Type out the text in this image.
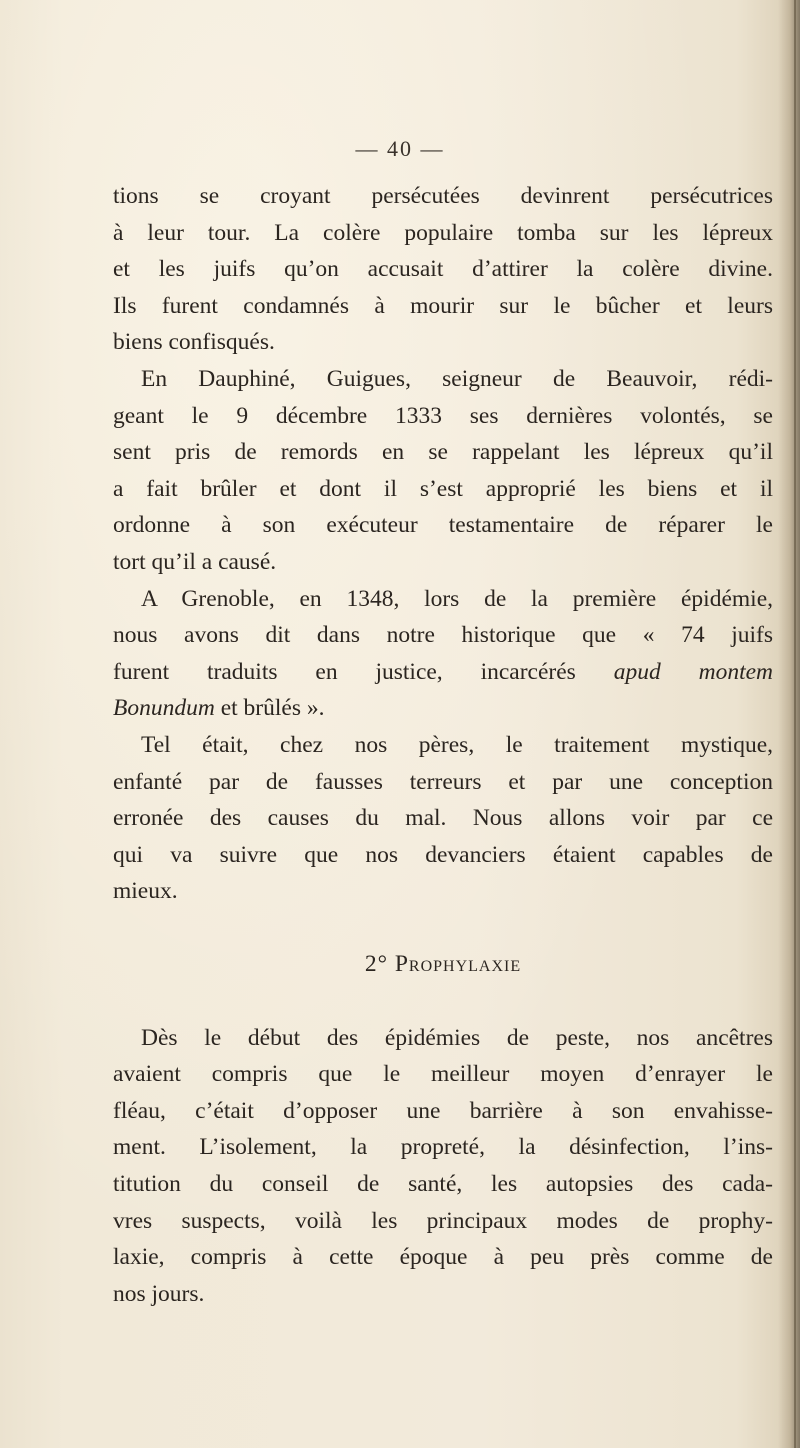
— 40 —
tions se croyant persécutées devinrent persécutrices
à leur tour. La colère populaire tomba sur les lépreux
et les juifs qu’on accusait d’attirer la colère divine.
Ils furent condamnés à mourir sur le bûcher et leurs
biens confisqués.
En Dauphiné, Guigues, seigneur de Beauvoir, rédi-
geant le 9 décembre 1333 ses dernières volontés, se
sent pris de remords en se rappelant les lépreux qu’il
a fait brûler et dont il s’est approprié les biens et il
ordonne à son exécuteur testamentaire de réparer le
tort qu’il a causé.
A Grenoble, en 1348, lors de la première épidémie,
nous avons dit dans notre historique que « 74 juifs
furent traduits en justice, incarcérés apud montem
Bonundum et brûlés ».
Tel était, chez nos pères, le traitement mystique,
enfanté par de fausses terreurs et par une conception
erronée des causes du mal. Nous allons voir par ce
qui va suivre que nos devanciers étaient capables de
mieux.
2° Prophylaxie
Dès le début des épidémies de peste, nos ancêtres
avaient compris que le meilleur moyen d’enrayer le
fléau, c’était d’opposer une barrière à son envahisse-
ment. L’isolement, la propreté, la désinfection, l’ins-
titution du conseil de santé, les autopsies des cada-
vres suspects, voilà les principaux modes de prophy-
laxie, compris à cette époque à peu près comme de
nos jours.
